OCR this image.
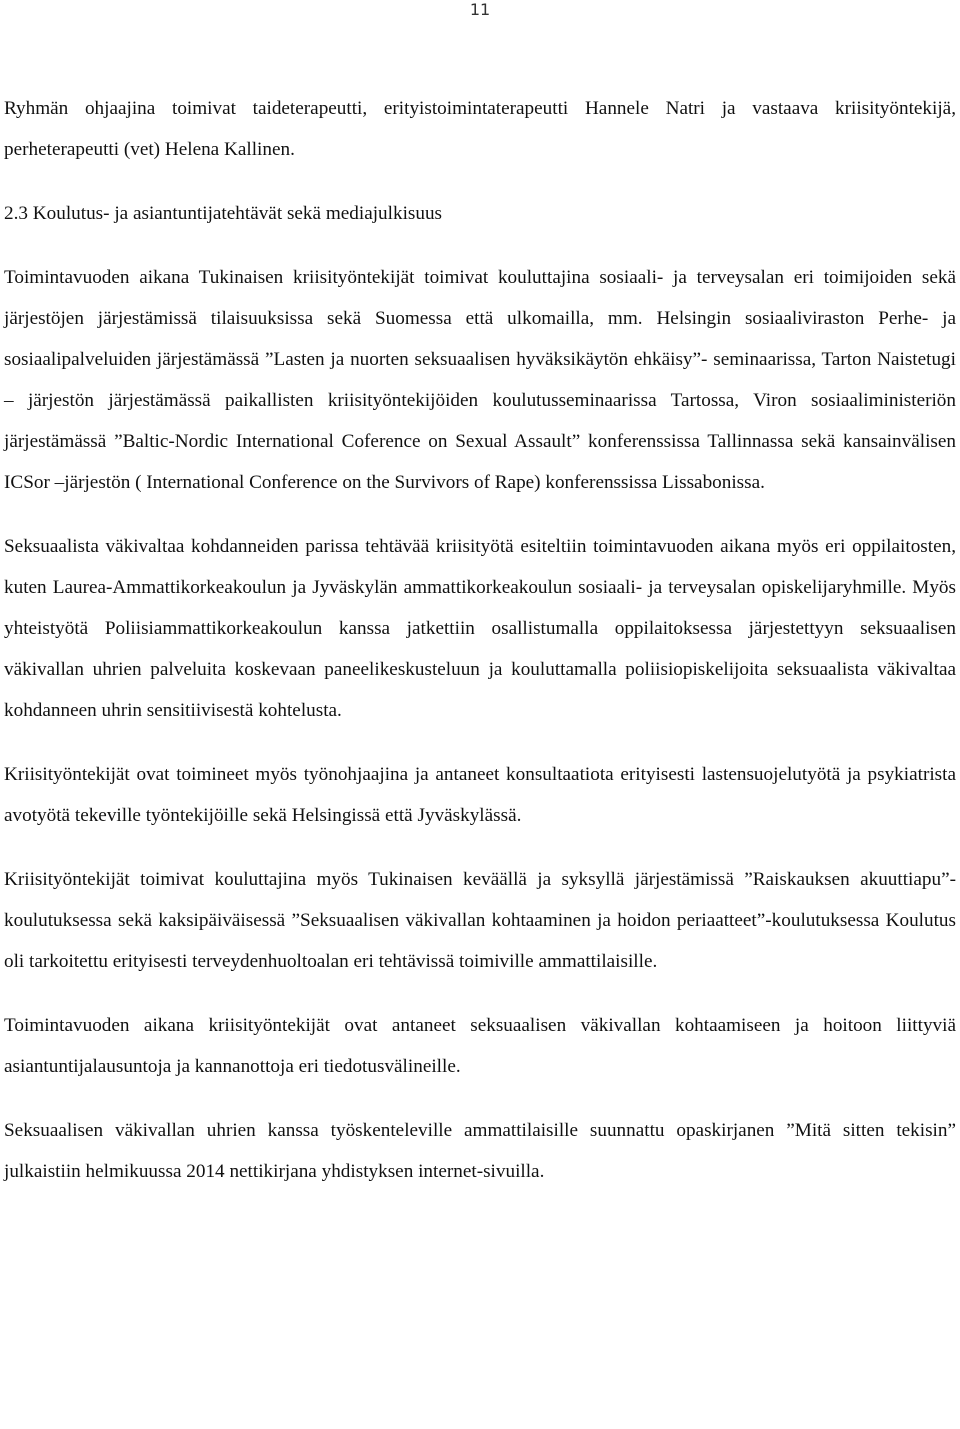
11

Ryhmän ohjaajina toimivat taideterapeutti, erityistoimintaterapeutti Hannele Natri ja vastaava kriisityöntekijä, perheterapeutti (vet) Helena Kallinen.

2.3 Koulutus- ja asiantuntijatehtävät sekä mediajulkisuus

Toimintavuoden aikana Tukinaisen kriisityöntekijät toimivat kouluttajina sosiaali- ja terveysalan eri toimijoiden sekä järjestöjen järjestämissä tilaisuuksissa sekä Suomessa että ulkomailla, mm. Helsingin sosiaaliviraston Perhe- ja sosiaalipalveluiden järjestämässä ”Lasten ja nuorten seksuaalisen hyväksikäytön ehkäisy”- seminaarissa, Tarton Naistetugi – järjestön järjestämässä paikallisten kriisityöntekijöiden koulutusseminaarissa Tartossa, Viron sosiaaliministeriön järjestämässä ”Baltic-Nordic International Coference on Sexual Assault” konferenssissa Tallinnassa sekä kansainvälisen ICSor –järjestön ( International Conference on the Survivors of Rape) konferenssissa Lissabonissa.

Seksuaalista väkivaltaa kohdanneiden parissa tehtävää kriisityötä esiteltiin toimintavuoden aikana myös eri oppilaitosten, kuten Laurea-Ammattikorkeakoulun ja Jyväskylän ammattikorkeakoulun sosiaali- ja terveysalan opiskelijaryhmille. Myös yhteistyötä Poliisiammattikorkeakoulun kanssa jatkettiin osallistumalla oppilaitoksessa järjestettyyn seksuaalisen väkivallan uhrien palveluita koskevaan paneelikeskusteluun ja kouluttamalla poliisiopiskelijoita seksuaalista väkivaltaa kohdanneen uhrin sensitiivisestä kohtelusta.

Kriisityöntekijät ovat toimineet myös työnohjaajina ja antaneet konsultaatiota erityisesti lastensuojelutyötä ja psykiatrista avotyötä tekeville työntekijöille sekä Helsingissä että Jyväskylässä.

Kriisityöntekijät toimivat kouluttajina myös Tukinaisen keväällä ja syksyllä järjestämissä ”Raiskauksen akuuttiapu”-koulutuksessa sekä kaksipäiväisessä ”Seksuaalisen väkivallan kohtaaminen ja hoidon periaatteet”-koulutuksessa Koulutus oli tarkoitettu erityisesti terveydenhuoltoalan eri tehtävissä toimiville ammattilaisille.

Toimintavuoden aikana kriisityöntekijät ovat antaneet seksuaalisen väkivallan kohtaamiseen ja hoitoon liittyviä asiantuntijalausuntoja ja kannanottoja eri tiedotusvälineille.

Seksuaalisen väkivallan uhrien kanssa työskenteleville ammattilaisille suunnattu opaskirjanen ”Mitä sitten tekisin” julkaistiin helmikuussa 2014 nettikirjana yhdistyksen internet-sivuilla.
